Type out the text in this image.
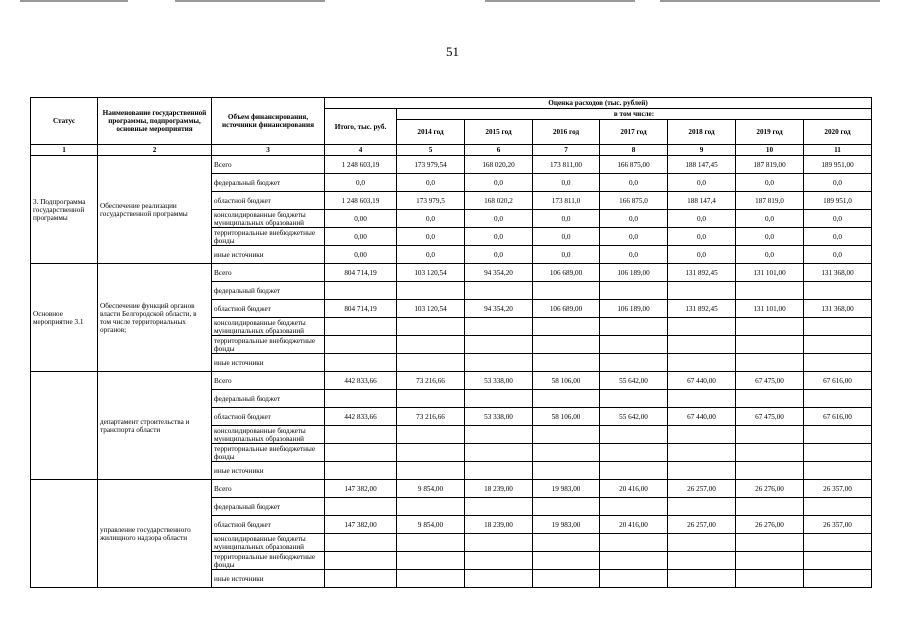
51
Статус	Наименование государственной программы, подпрограммы, основные мероприятия	Объем финансирования, источники финансирования	Оценка расходов (тыс. рублей)							
			Итого, тыс. руб.	в том числе:						
				2014 год	2015 год	2016 год	2017 год	2018 год	2019 год	2020 год
1	2	3	4	5	6	7	8	9	10	11
3. Подпрограмма государственной программы	Обеспечение реализации государственной программы	Всего	1 248 603,19	173 979,54	168 020,20	173 811,00	166 875,00	188 147,45	187 819,00	189 951,00
		федеральный бюджет	0,0	0,0	0,0	0,0	0,0	0,0	0,0	0,0
		областной бюджет	1 248 603,19	173 979,5	168 020,2	173 811,0	166 875,0	188 147,4	187 819,0	189 951,0
		консолидированные бюджеты муниципальных образований	0,00	0,0	0,0	0,0	0,0	0,0	0,0	0,0
		территориальные внебюджетные фонды	0,00	0,0	0,0	0,0	0,0	0,0	0,0	0,0
		иные источники	0,00	0,0	0,0	0,0	0,0	0,0	0,0	0,0
Основное мероприятие 3.1	Обеспечение функций органов власти Белгородской области, в том числе территориальных органов;	Всего	804 714,19	103 120,54	94 354,20	106 689,00	106 189,00	131 892,45	131 101,00	131 368,00
		федеральный бюджет								
		областной бюджет	804 714,19	103 120,54	94 354,20	106 689,00	106 189,00	131 892,45	131 101,00	131 368,00
		консолидированные бюджеты муниципальных образований								
		территориальные внебюджетные фонды								
		иные источники								
	департамент строительства и транспорта области	Всего	442 833,66	73 216,66	53 338,00	58 106,00	55 642,00	67 440,00	67 475,00	67 616,00
		федеральный бюджет								
		областной бюджет	442 833,66	73 216,66	53 338,00	58 106,00	55 642,00	67 440,00	67 475,00	67 616,00
		консолидированные бюджеты муниципальных образований								
		территориальные внебюджетные фонды								
		иные источники								
	управление государственного жилищного надзора области	Всего	147 382,00	9 854,00	18 239,00	19 983,00	20 416,00	26 257,00	26 276,00	26 357,00
		федеральный бюджет								
		областной бюджет	147 382,00	9 854,00	18 239,00	19 983,00	20 416,00	26 257,00	26 276,00	26 357,00
		консолидированные бюджеты муниципальных образований								
		территориальные внебюджетные фонды								
		иные источники								
